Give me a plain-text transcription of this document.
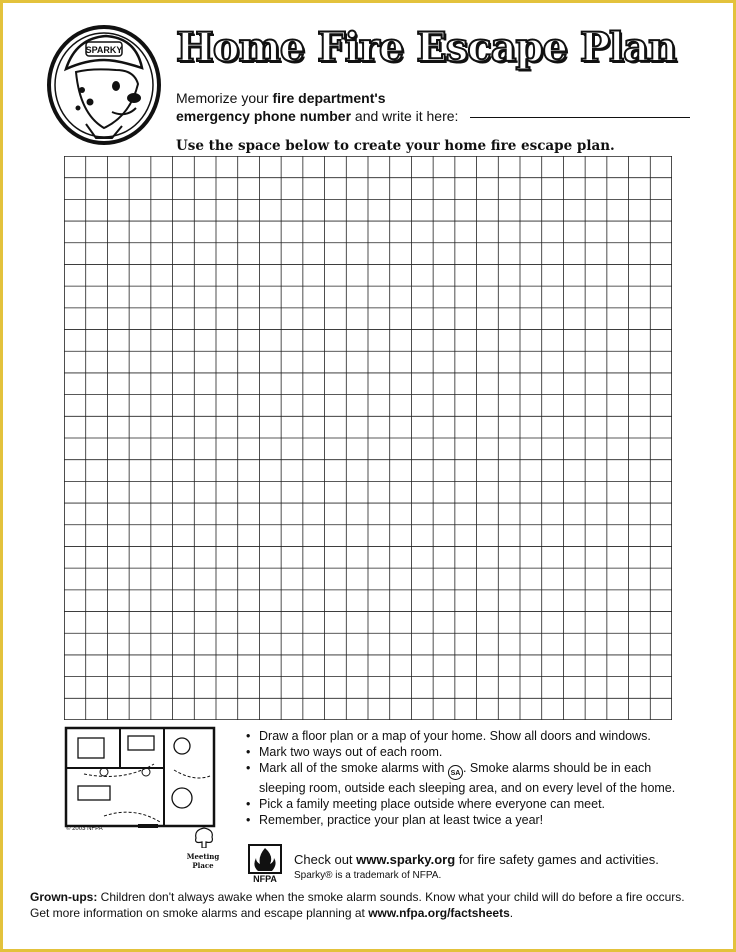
SPARKY Home Fire Escape Plan
Memorize your fire department's
emergency phone number and write it here:
Use the space below to create your home fire escape plan.
© 2003 NFPA
Meeting Place
• Draw a floor plan or a map of your home. Show all doors and windows.
• Mark two ways out of each room.
• Mark all of the smoke alarms with SA . Smoke alarms should be in each sleeping room, outside each sleeping area, and on every level of the home.
• Pick a family meeting place outside where everyone can meet.
• Remember, practice your plan at least twice a year!
NFPA
Check out www.sparky.org for fire safety games and activities.
Sparky® is a trademark of NFPA.
Grown-ups: Children don't always awake when the smoke alarm sounds. Know what your child will do before a fire occurs.
Get more information on smoke alarms and escape planning at www.nfpa.org/factsheets.
